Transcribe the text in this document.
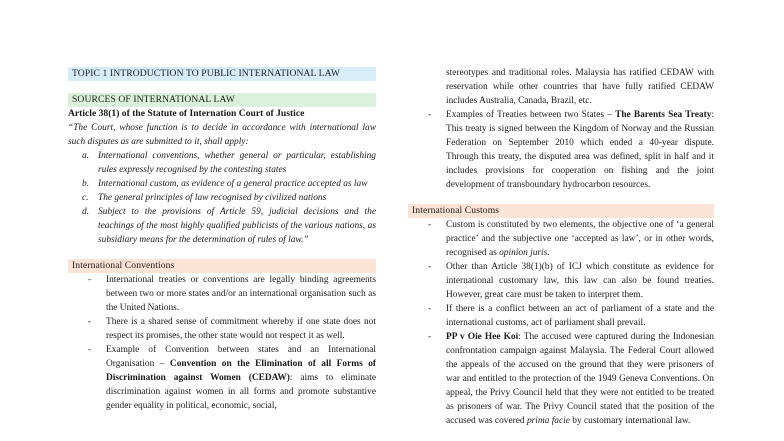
TOPIC 1 INTRODUCTION TO PUBLIC INTERNATIONAL LAW
SOURCES OF INTERNATIONAL LAW
Article 38(1) of the Statute of Internation Court of Justice
“The Court, whose function is to decide in accordance with international law such disputes as are submitted to it, shall apply:
a. International conventions, whether general or particular, establishing rules expressly recognised by the contesting states
b. International custom, as evidence of a general practice accepted as law
c. The general principles of law recognised by civilized nations
d. Subject to the provisions of Article 59, judicial decisions and the teachings of the most highly qualified publicists of the various nations, as subsidiary means for the determination of rules of law.”
International Conventions
- International treaties or conventions are legally binding agreements between two or more states and/or an international organisation such as the United Nations.
- There is a shared sense of commitment whereby if one state does not respect its promises, the other state would not respect it as well.
- Example of Convention between states and an International Organisation – Convention on the Elimination of all Forms of Discrimination against Women (CEDAW): aims to eliminate discrimination against women in all forms and promote substantive gender equality in political, economic, social,
stereotypes and traditional roles. Malaysia has ratified CEDAW with reservation while other countries that have fully ratified CEDAW includes Australia, Canada, Brazil, etc.
- Examples of Treaties between two States – The Barents Sea Treaty: This treaty is signed between the Kingdom of Norway and the Russian Federation on September 2010 which ended a 40-year dispute. Through this treaty, the disputed area was defined, split in half and it includes provisions for cooperation on fishing and the joint development of transboundary hydrocarbon resources.
International Customs
- Custom is constituted by two elements, the objective one of ‘a general practice’ and the subjective one ‘accepted as law’, or in other words, recognised as opinion juris.
- Other than Article 38(1)(b) of ICJ which constitute as evidence for international customary law, this law can also be found treaties. However, great care must be taken to interpret them.
- If there is a conflict between an act of parliament of a state and the international customs, act of parliament shall prevail.
- PP v Oie Hee Koi: The accused were captured during the Indonesian confrontation campaign against Malaysia. The Federal Court allowed the appeals of the accused on the ground that they were prisoners of war and entitled to the protection of the 1949 Geneva Conventions. On appeal, the Privy Council held that they were not entitled to be treated as prisoners of war. The Privy Council stated that the position of the accused was covered prima facie by customary international law.
